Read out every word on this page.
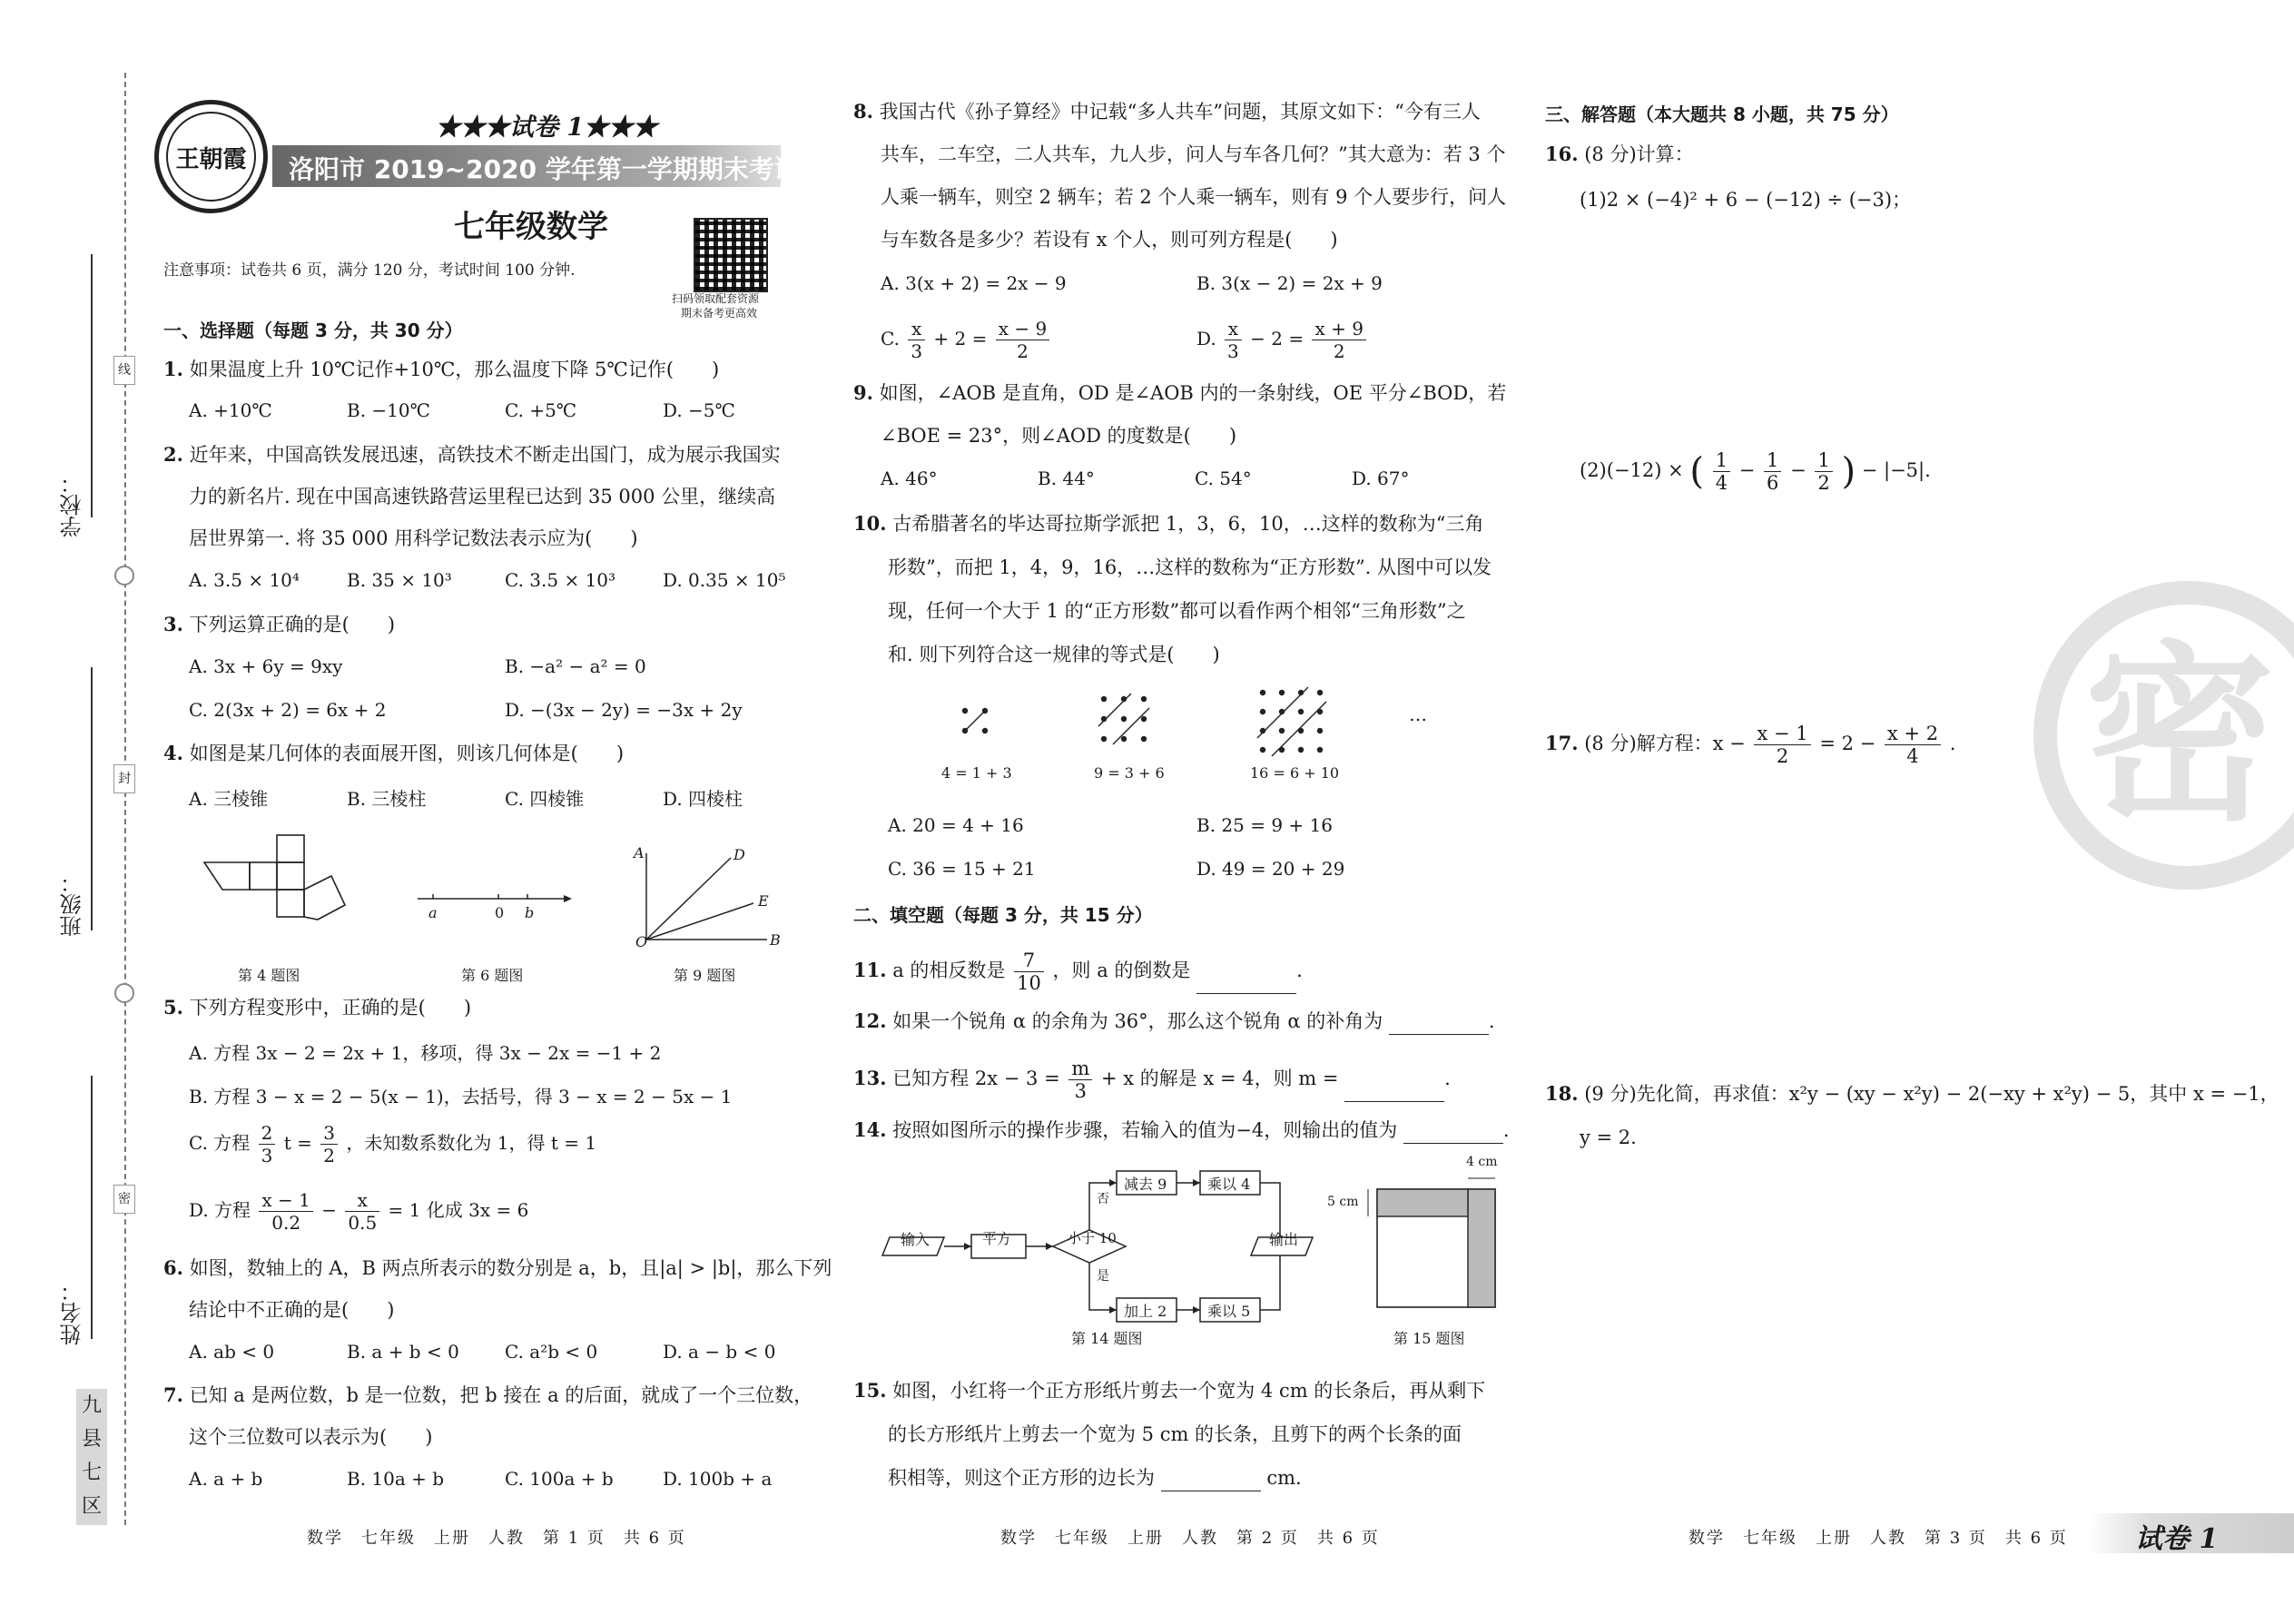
学校：
班级：
姓名：
线
封
密
九
县
七
区
王朝霞
★★★试卷 1★★★
洛阳市 2019~2020 学年第一学期期末考试试卷
七年级数学
注意事项：试卷共 6 页，满分 120 分，考试时间 100 分钟.
扫码领取配套资源
期末备考更高效
一、选择题（每题 3 分，共 30 分）
1. 如果温度上升 10℃记作+10℃，那么温度下降 5℃记作(　　)
A. +10℃	B. −10℃	C. +5℃	D. −5℃
2. 近年来，中国高铁发展迅速，高铁技术不断走出国门，成为展示我国实
力的新名片. 现在中国高速铁路营运里程已达到 35 000 公里，继续高
居世界第一. 将 35 000 用科学记数法表示应为(　　)
A. 3.5 × 10⁴	B. 35 × 10³	C. 3.5 × 10³	D. 0.35 × 10⁵
3. 下列运算正确的是(　　)
A. 3x + 6y = 9xy	B. −a² − a² = 0
C. 2(3x + 2) = 6x + 2	D. −(3x − 2y) = −3x + 2y
4. 如图是某几何体的表面展开图，则该几何体是(　　)
A. 三棱锥	B. 三棱柱	C. 四棱锥	D. 四棱柱
第 4 题图
a	0 b
第 6 题图
A	D
E
O	B
第 9 题图
5. 下列方程变形中，正确的是(　　)
A. 方程 3x − 2 = 2x + 1，移项，得 3x − 2x = −1 + 2
B. 方程 3 − x = 2 − 5(x − 1)，去括号，得 3 − x = 2 − 5x − 1
C. 方程 $\frac{2}{3}$ $t = \frac{3}{2}$ ，未知数系数化为 1，得 t = 1
D. 方程 $\frac{x - 1}{0.2} - \frac{x}{0.5} = 1$ 化成 3x = 6
6. 如图，数轴上的 A，B 两点所表示的数分别是 a，b，且|a| > |b|，那么下列
结论中不正确的是(　　)
A. ab < 0	B. a + b < 0	C. a²b < 0	D. a − b < 0
7. 已知 a 是两位数，b 是一位数，把 b 接在 a 的后面，就成了一个三位数，
这个三位数可以表示为(　　)
A. a + b	B. 10a + b	C. 100a + b	D. 100b + a
数学　七年级　上册　人教　第 1 页　共 6 页
8. 我国古代《孙子算经》中记载“多人共车”问题，其原文如下：“今有三人
共车，二车空，二人共车，九人步，问人与车各几何？”其大意为：若 3 个
人乘一辆车，则空 2 辆车；若 2 个人乘一辆车，则有 9 个人要步行，问人
与车数各是多少？若设有 x 个人，则可列方程是(　　)
A. 3(x + 2) = 2x − 9	B. 3(x − 2) = 2x + 9
C. $\frac{x}{3} + 2 = \frac{x - 9}{2}$	D. $\frac{x}{3} - 2 = \frac{x + 9}{2}$
9. 如图，∠AOB 是直角，OD 是∠AOB 内的一条射线，OE 平分∠BOD，若
∠BOE = 23°，则∠AOD 的度数是(　　)
A. 46°	B. 44°	C. 54°	D. 67°
10. 古希腊著名的毕达哥拉斯学派把 1，3，6，10，…这样的数称为“三角
形数”，而把 1，4，9，16，…这样的数称为“正方形数”. 从图中可以发
现，任何一个大于 1 的“正方形数”都可以看作两个相邻“三角形数”之
和. 则下列符合这一规律的等式是(　　)
…
4 = 1 + 3	9 = 3 + 6	16 = 6 + 10
A. 20 = 4 + 16	B. 25 = 9 + 16
C. 36 = 15 + 21	D. 49 = 20 + 29
二、填空题（每题 3 分，共 15 分）
11. a 的相反数是 $\frac{7}{10}$ ，则 a 的倒数是	.
12. 如果一个锐角 α 的余角为 36°，那么这个锐角 α 的补角为	.
13. 已知方程 $2x - 3 = \frac{m}{3} + x$ 的解是 x = 4，则 m =	.
14. 按照如图所示的操作步骤，若输入的值为−4，则输出的值为	.
输入	平方	小于 10
否
是
减去 9	乘以 4
加上 2	乘以 5
输出
第 14 题图
4 cm
5 cm
第 15 题图
15. 如图，小红将一个正方形纸片剪去一个宽为 4 cm 的长条后，再从剩下
的长方形纸片上剪去一个宽为 5 cm 的长条，且剪下的两个长条的面
积相等，则这个正方形的边长为	cm.
数学　七年级　上册　人教　第 2 页　共 6 页
三、解答题（本大题共 8 小题，共 75 分）
16. (8 分)计算：
(1)2 × (−4)² + 6 − (−12) ÷ (−3)；
(2)(−12) × ( $\frac{1}{4} - \frac{1}{6} - \frac{1}{2}$ ) − |−5|.
17. (8 分)解方程：$x - \frac{x - 1}{2} = 2 - \frac{x + 2}{4}$ .
18. (9 分)先化简，再求值：x²y − (xy − x²y) − 2(−xy + x²y) − 5，其中 x = −1，
y = 2.
密
数学　七年级　上册　人教　第 3 页　共 6 页 试卷 1
